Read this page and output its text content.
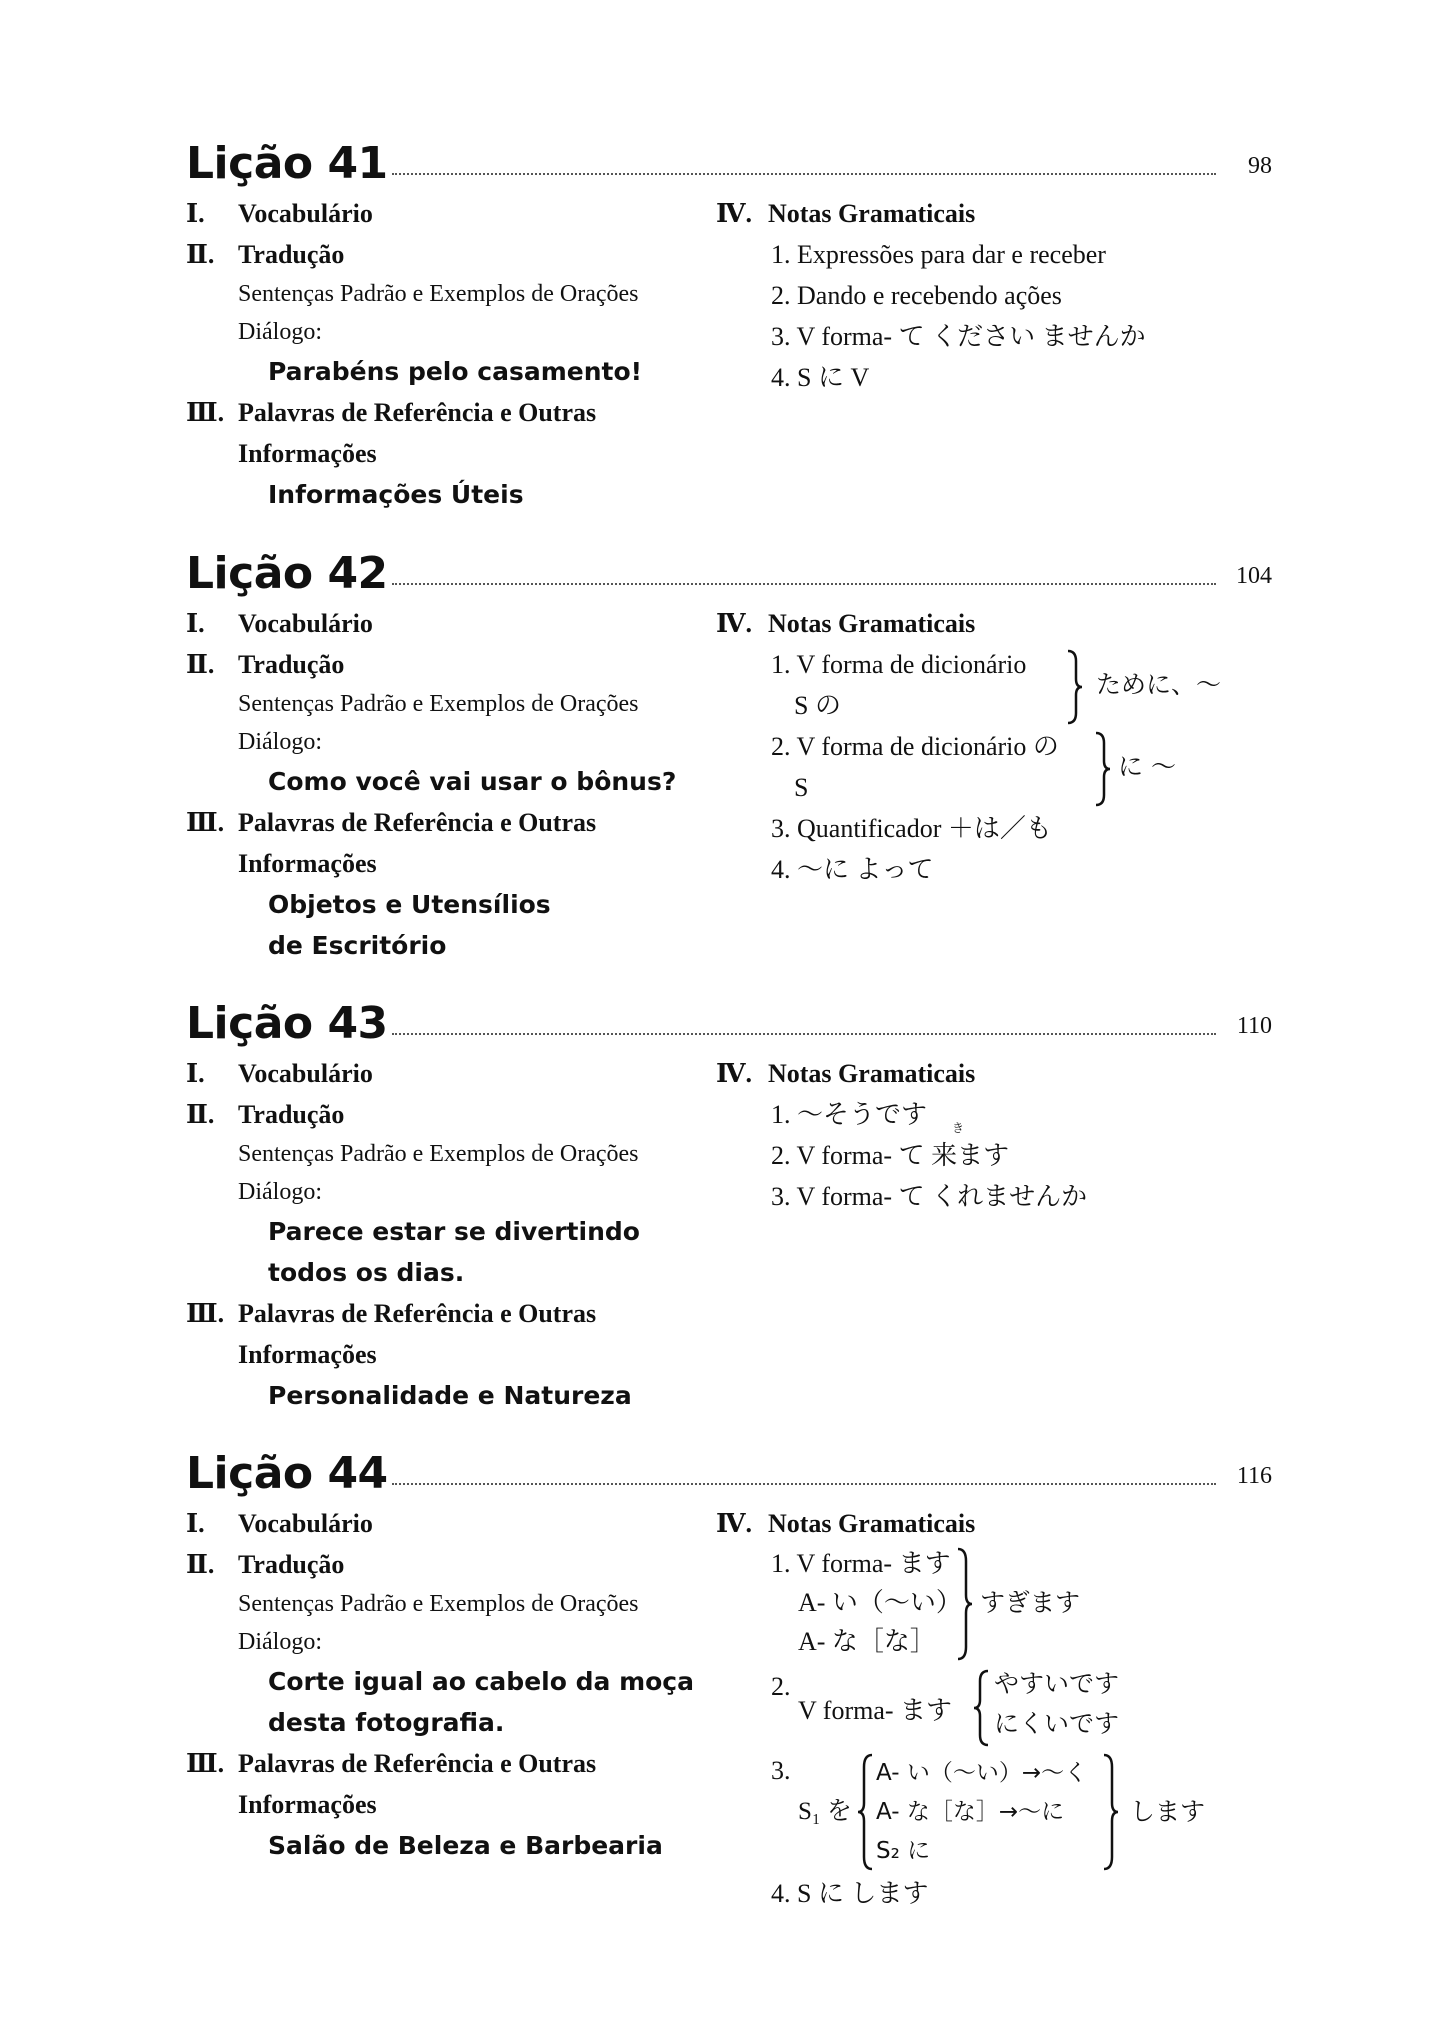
Lição 41	98
Ⅰ. Vocabulário
Ⅱ. Tradução
Sentenças Padrão e Exemplos de Orações
Diálogo:
Parabéns pelo casamento!
Ⅲ. Palavras de Referência e Outras
Informações
Informações Úteis
Ⅳ. Notas Gramaticais
1. Expressões para dar e receber
2. Dando e recebendo ações
3. V forma- て ください ませんか
4. S に V
Lição 42	104
Ⅰ. Vocabulário
Ⅱ. Tradução
Sentenças Padrão e Exemplos de Orações
Diálogo:
Como você vai usar o bônus?
Ⅲ. Palavras de Referência e Outras
Informações
Objetos e Utensílios
de Escritório
Ⅳ. Notas Gramaticais
1. V forma de dicionário
S の
2. V forma de dicionário の
S
3. Quantificador ＋は／も
4. ～に よって
ために、～
に ～
Lição 43	110
Ⅰ. Vocabulário
Ⅱ. Tradução
Sentenças Padrão e Exemplos de Orações
Diálogo:
Parece estar se divertindo
todos os dias.
Ⅲ. Palavras de Referência e Outras
Informações
Personalidade e Natureza
Ⅳ. Notas Gramaticais
1. ～そうです
2. V forma- て 来ます
き
3. V forma- て くれませんか
Lição 44	116
Ⅰ. Vocabulário
Ⅱ. Tradução
Sentenças Padrão e Exemplos de Orações
Diálogo:
Corte igual ao cabelo da moça
desta fotografia.
Ⅲ. Palavras de Referência e Outras
Informações
Salão de Beleza e Barbearia
Ⅳ. Notas Gramaticais
1. V forma- ます
A- い（～い）
A- な［な］
すぎます
2.
V forma- ます
やすいです
にくいです
3.
S₁ を
A- い（～い）→～く
A- な［な］→～に
S₂ に
します
4. S に します
